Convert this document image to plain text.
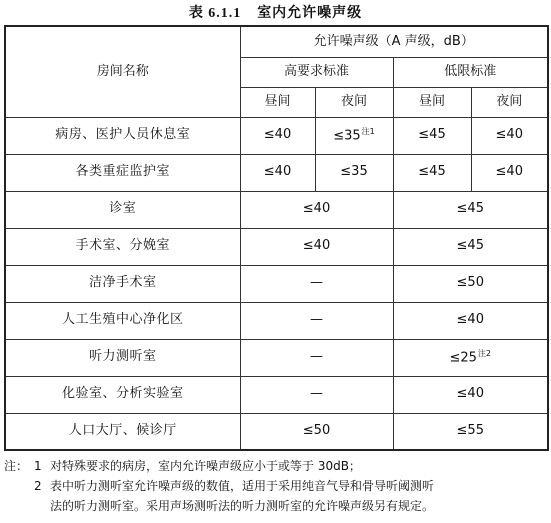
表 6.1.1 室内允许噪声级
房间名称	允许噪声级（A 声级，dB）			
	高要求标准		低限标准	
	昼间	夜间	昼间	夜间
病房、医护人员休息室	≤40	$\le 35^{注1}$	≤45	≤40
各类重症监护室	≤40	≤35	≤45	≤40
诊室	≤40		≤45	
手术室、分娩室	≤40		≤45	
洁净手术室	—		≤50	
人工生殖中心净化区	—		≤40	
听力测听室	—		$\le 25^{注2}$
化验室、分析实验室	—		≤40	
人口大厅、候诊厅	≤50		≤55	
注： 1 对特殊要求的病房，室内允许噪声级应小于或等于 30dB；
2 表中听力测听室允许噪声级的数值，适用于采用纯音气导和骨导听阈测听
法的听力测听室。采用声场测听法的听力测听室的允许噪声级另有规定。
